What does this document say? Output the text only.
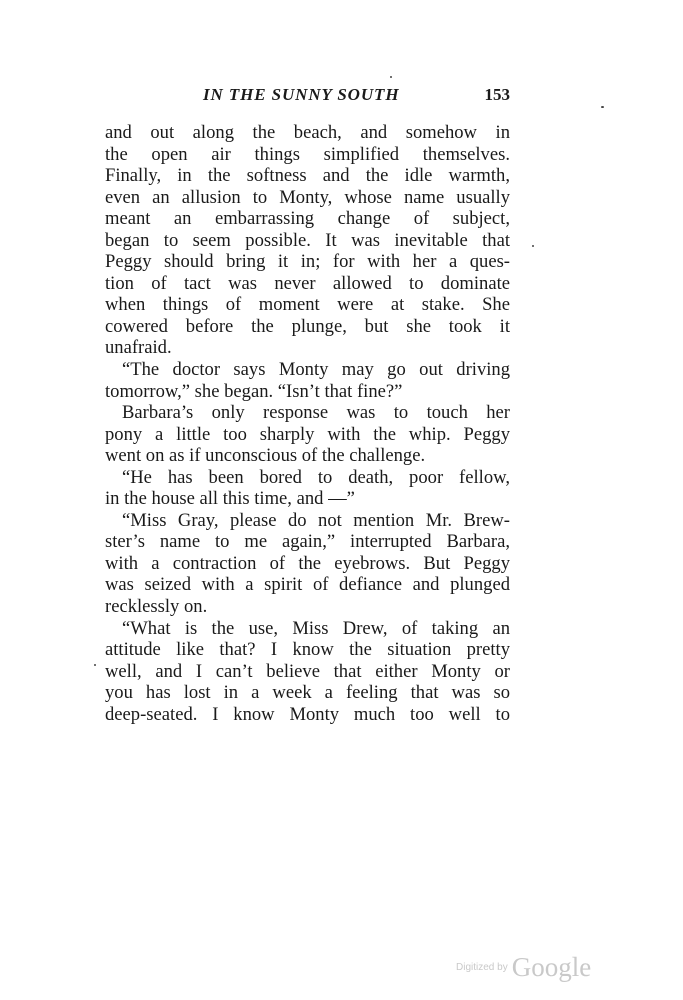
IN THE SUNNY SOUTH	153
and out along the beach, and somehow in
the open air things simplified themselves.
Finally, in the softness and the idle warmth,
even an allusion to Monty, whose name usually
meant an embarrassing change of subject,
began to seem possible. It was inevitable that
Peggy should bring it in; for with her a ques-
tion of tact was never allowed to dominate
when things of moment were at stake. She
cowered before the plunge, but she took it
unafraid.
“The doctor says Monty may go out driving
tomorrow,” she began. “Isn’t that fine?”
Barbara’s only response was to touch her
pony a little too sharply with the whip. Peggy
went on as if unconscious of the challenge.
“He has been bored to death, poor fellow,
in the house all this time, and —”
“Miss Gray, please do not mention Mr. Brew-
ster’s name to me again,” interrupted Barbara,
with a contraction of the eyebrows. But Peggy
was seized with a spirit of defiance and plunged
recklessly on.
“What is the use, Miss Drew, of taking an
attitude like that? I know the situation pretty
well, and I can’t believe that either Monty or
you has lost in a week a feeling that was so
deep-seated. I know Monty much too well to
Digitized by Google
